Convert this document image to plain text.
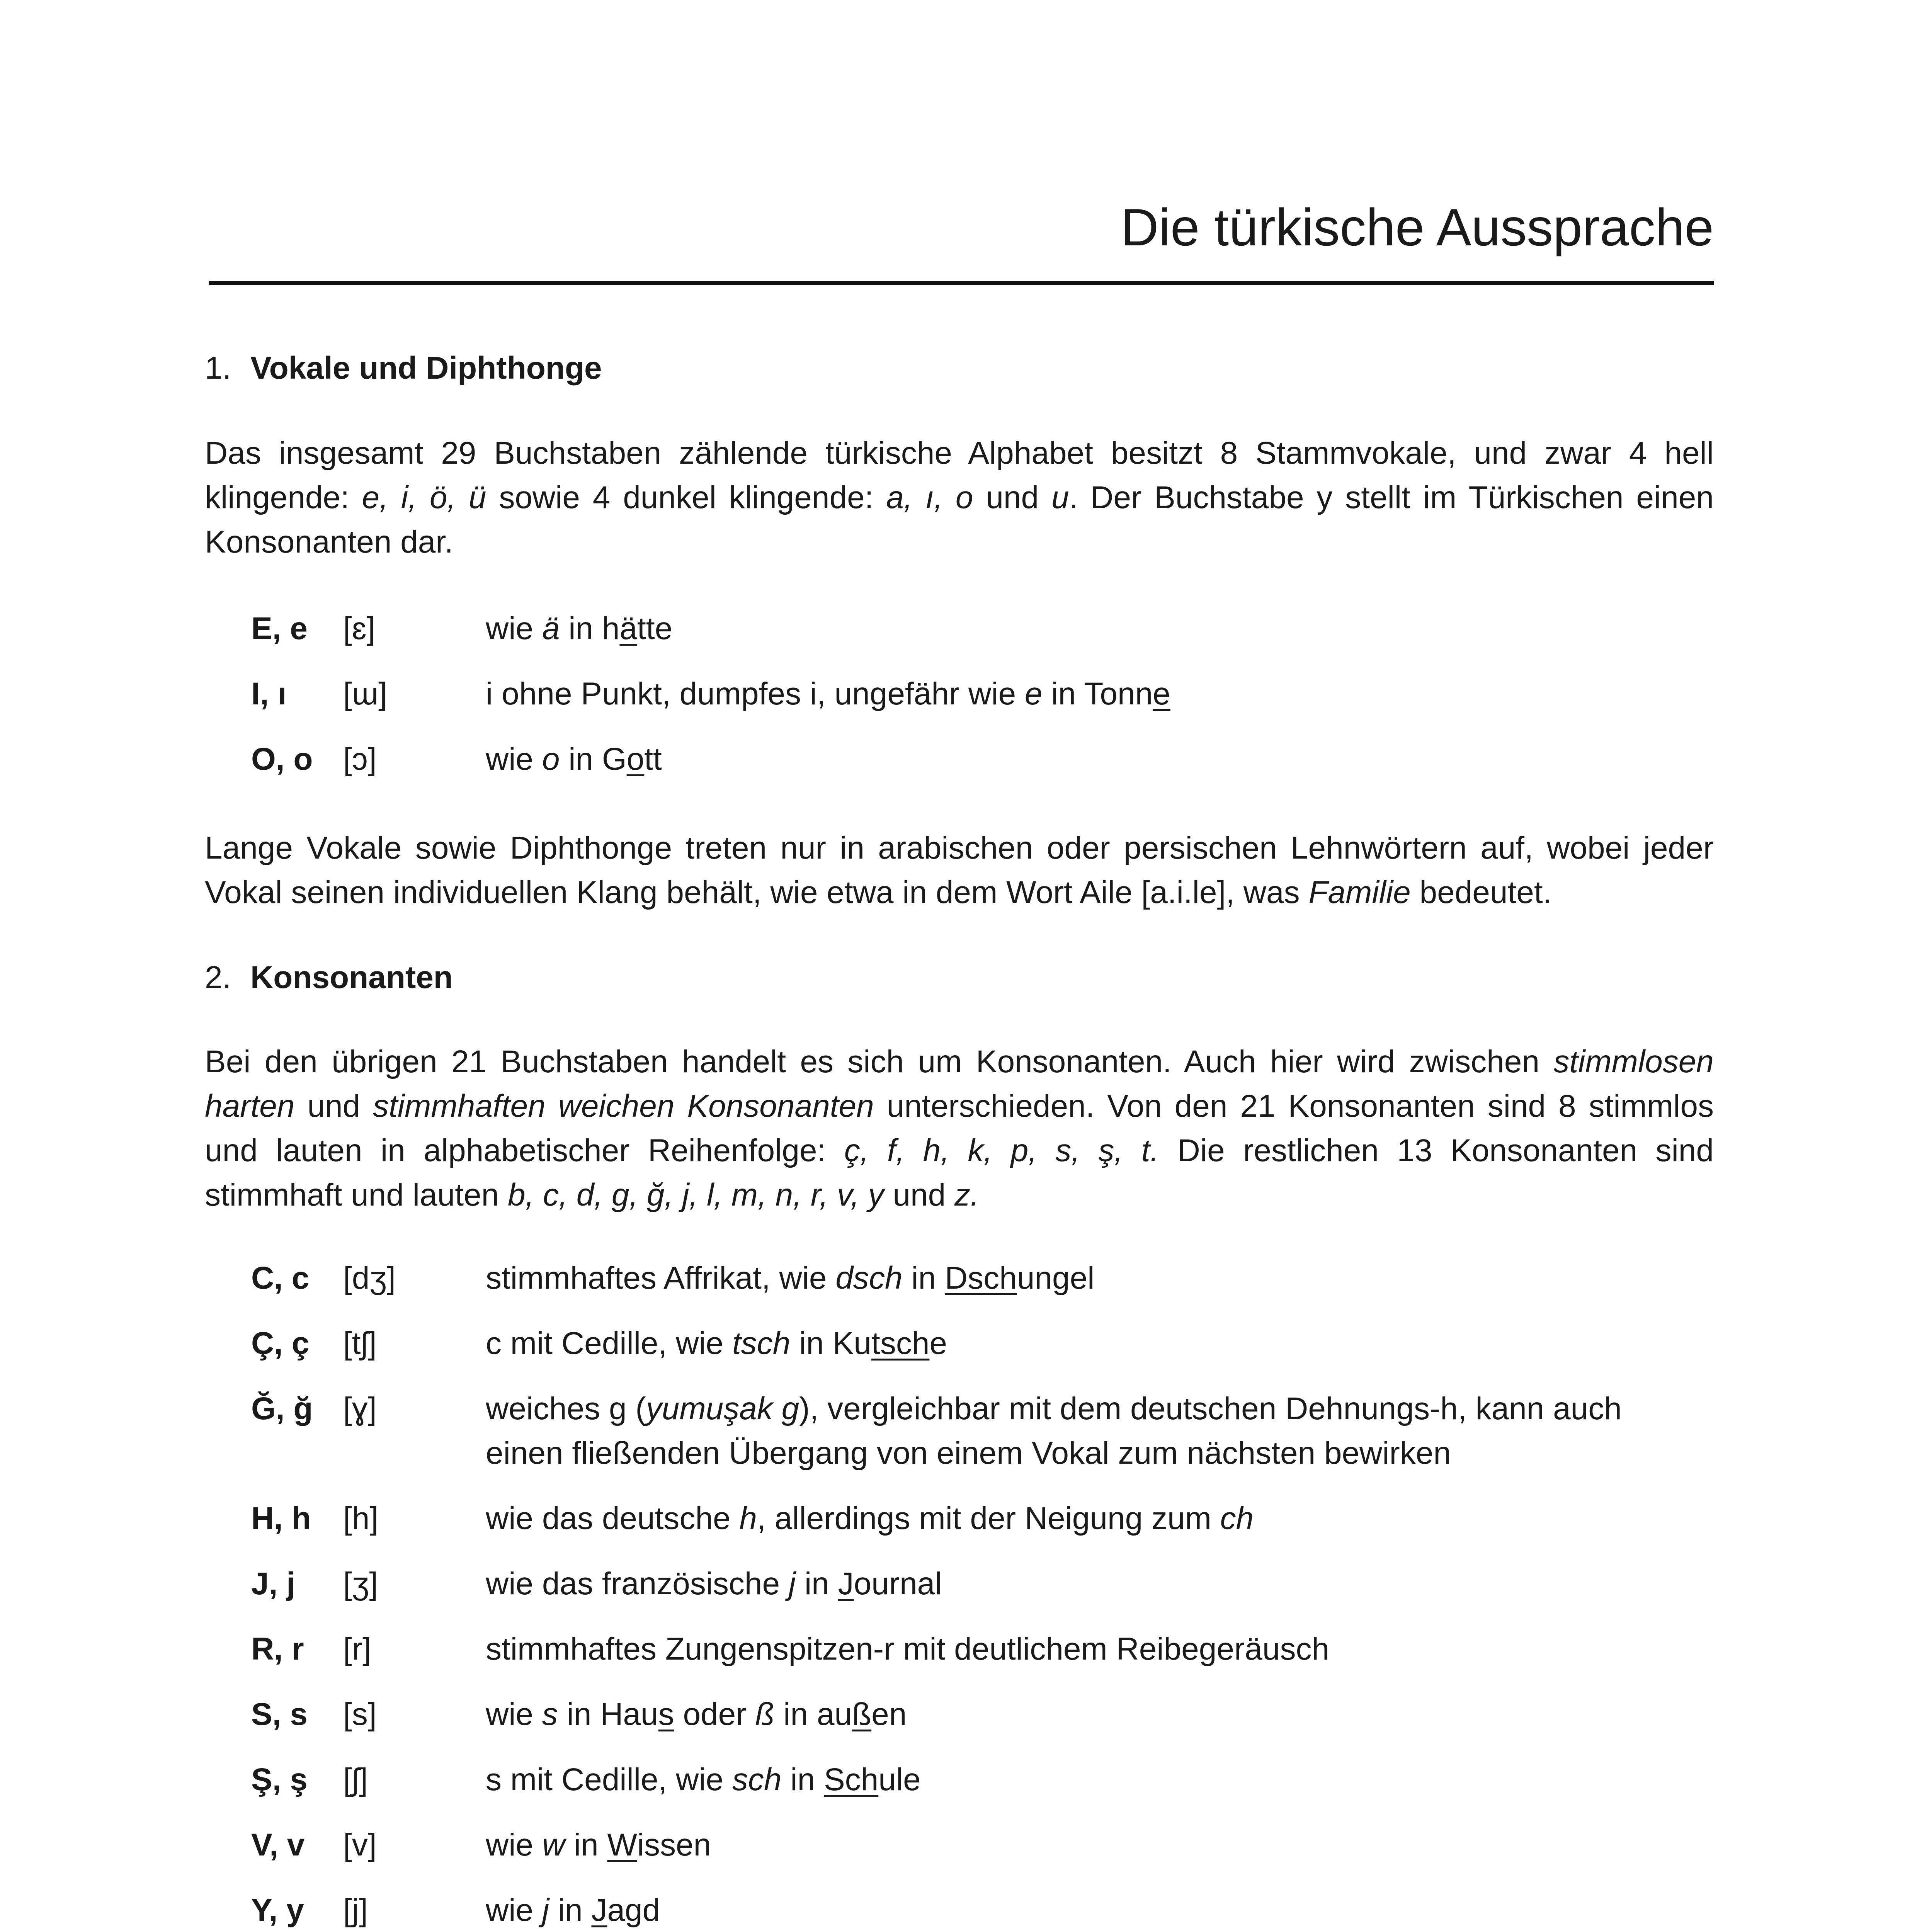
Die türkische Aussprache
1. Vokale und Diphthonge
Das insgesamt 29 Buchstaben zählende türkische Alphabet besitzt 8 Stammvokale, und zwar 4 hell
klingende: e, i, ö, ü sowie 4 dunkel klingende: a, ı, o und u. Der Buchstabe y stellt im Türkischen einen
Konsonanten dar.
E, e [ɛ]	wie ä in hätte
I, ı [ɯ]	i ohne Punkt, dumpfes i, ungefähr wie e in Tonne
O, o [ɔ]	wie o in Gott
Lange Vokale sowie Diphthonge treten nur in arabischen oder persischen Lehnwörtern auf, wobei jeder
Vokal seinen individuellen Klang behält, wie etwa in dem Wort Aile [a.i.le], was Familie bedeutet.
2. Konsonanten
Bei den übrigen 21 Buchstaben handelt es sich um Konsonanten. Auch hier wird zwischen stimmlosen
harten und stimmhaften weichen Konsonanten unterschieden. Von den 21 Konsonanten sind 8 stimmlos
und lauten in alphabetischer Reihenfolge: ç, f, h, k, p, s, ş, t. Die restlichen 13 Konsonanten sind
stimmhaft und lauten b, c, d, g, ğ, j, l, m, n, r, v, y und z.
C, c [dʒ]	stimmhaftes Affrikat, wie dsch in Dschungel
Ç, ç [tʃ]	c mit Cedille, wie tsch in Kutsche
Ğ, ğ [ɣ]	weiches g (yumuşak g), vergleichbar mit dem deutschen Dehnungs-h, kann auch
einen fließenden Übergang von einem Vokal zum nächsten bewirken
H, h [h]	wie das deutsche h, allerdings mit der Neigung zum ch
J, j [ʒ]	wie das französische j in Journal
R, r [r]	stimmhaftes Zungenspitzen-r mit deutlichem Reibegeräusch
S, s [s]	wie s in Haus oder ß in außen
Ş, ş [ʃ]	s mit Cedille, wie sch in Schule
V, v [v]	wie w in Wissen
Y, y [j]	wie j in Jagd
